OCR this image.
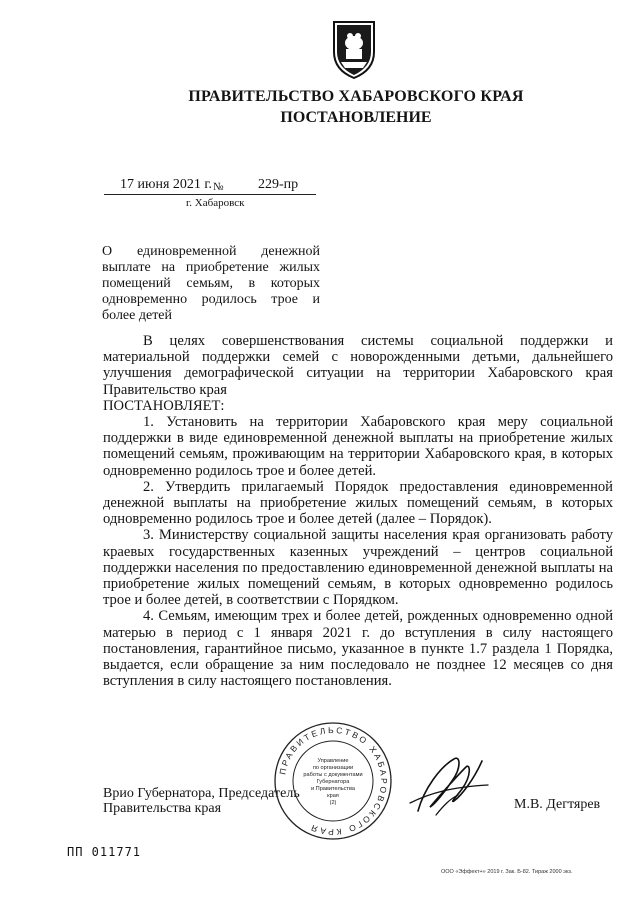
ПРАВИТЕЛЬСТВО ХАБАРОВСКОГО КРАЯ
ПОСТАНОВЛЕНИЕ
17 июня 2021 г. № 229-пр
г. Хабаровск
О единовременной денежной выплате на приобретение жилых помещений семьям, в которых одновременно родилось трое и более детей

В целях совершенствования системы социальной поддержки и материальной поддержки семей с новорожденными детьми, дальнейшего улучшения демографической ситуации на территории Хабаровского края Правительство края

ПОСТАНОВЛЯЕТ:

1. Установить на территории Хабаровского края меру социальной поддержки в виде единовременной денежной выплаты на приобретение жилых помещений семьям, проживающим на территории Хабаровского края, в которых одновременно родилось трое и более детей.

2. Утвердить прилагаемый Порядок предоставления единовременной денежной выплаты на приобретение жилых помещений семьям, в которых одновременно родилось трое и более детей (далее – Порядок).

3. Министерству социальной защиты населения края организовать работу краевых государственных казенных учреждений – центров социальной поддержки населения по предоставлению единовременной денежной выплаты на приобретение жилых помещений семьям, в которых одновременно родилось трое и более детей, в соответствии с Порядком.

4. Семьям, имеющим трех и более детей, рожденных одновременно одной матерью в период с 1 января 2021 г. до вступления в силу настоящего постановления, гарантийное письмо, указанное в пункте 1.7 раздела 1 Порядка, выдается, если обращение за ним последовало не позднее 12 месяцев со дня вступления в силу настоящего постановления.

Врио Губернатора, Председатель
Правительства края
ПРАВИТЕЛЬСТВО ХАБАРОВСКОГО КРАЯ
Управление
по организации
работы с документами
Губернатора
и Правительства
края
(2)	М.В. Дегтярев
ПП 011771
ООО «Эффект+» 2019 г. Зак. Б-82. Тираж 2000 экз.
